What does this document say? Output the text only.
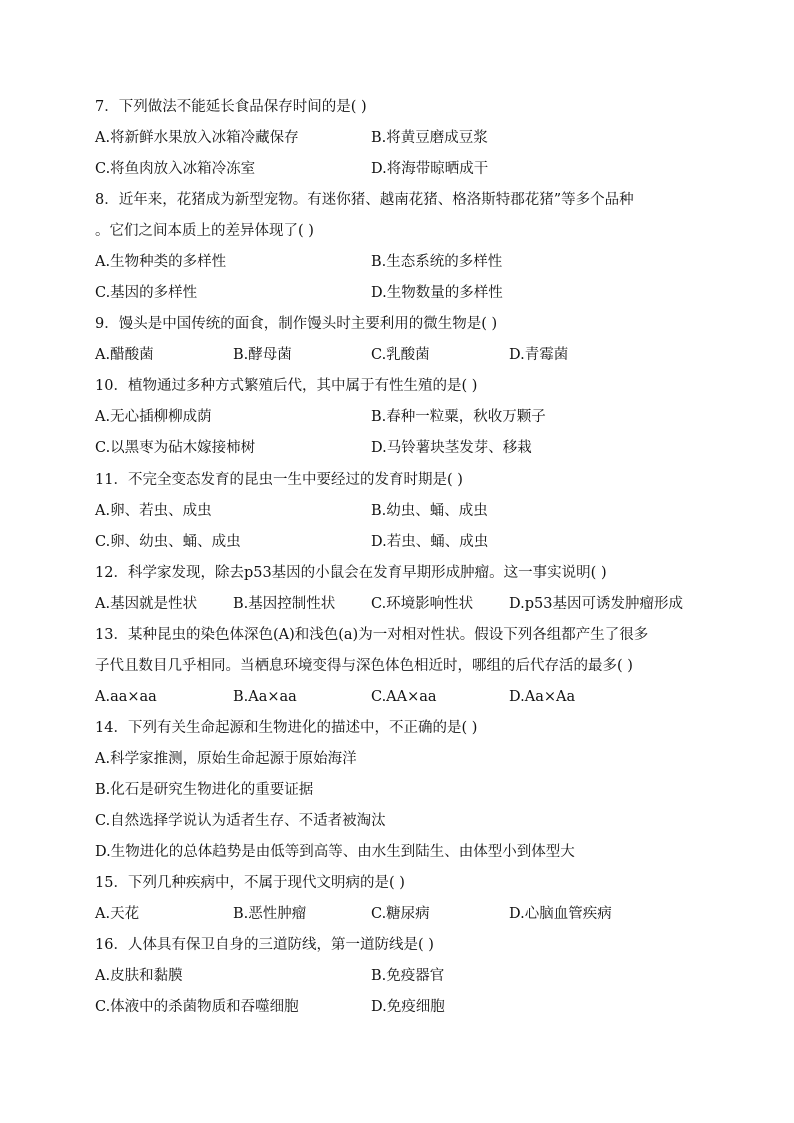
7．下列做法不能延长食品保存时间的是( )
A.将新鲜水果放入冰箱冷藏保存	B.将黄豆磨成豆浆
C.将鱼肉放入冰箱冷冻室	D.将海带晾晒成干
8．近年来，花猪成为新型宠物。有迷你猪、越南花猪、格洛斯特郡花猪”等多个品种
。它们之间本质上的差异体现了( )
A.生物种类的多样性	B.生态系统的多样性
C.基因的多样性	D.生物数量的多样性
9．馒头是中国传统的面食，制作馒头时主要利用的微生物是( )
A.醋酸菌	B.酵母菌	C.乳酸菌	D.青霉菌
10．植物通过多种方式繁殖后代，其中属于有性生殖的是( )
A.无心插柳柳成荫	B.春种一粒粟，秋收万颗子
C.以黑枣为砧木嫁接柿树	D.马铃薯块茎发芽、移栽
11．不完全变态发育的昆虫一生中要经过的发育时期是( )
A.卵、若虫、成虫	B.幼虫、蛹、成虫
C.卵、幼虫、蛹、成虫	D.若虫、蛹、成虫
12．科学家发现，除去p53基因的小鼠会在发育早期形成肿瘤。这一事实说明( )
A.基因就是性状 B.基因控制性状 C.环境影响性状 D.p53基因可诱发肿瘤形成
13．某种昆虫的染色体深色(A)和浅色(a)为一对相对性状。假设下列各组都产生了很多
子代且数目几乎相同。当栖息环境变得与深色体色相近时，哪组的后代存活的最多( )
A.aa×aa	B.Aa×aa	C.AA×aa	D.Aa×Aa
14．下列有关生命起源和生物进化的描述中，不正确的是( )
A.科学家推测，原始生命起源于原始海洋
B.化石是研究生物进化的重要证据
C.自然选择学说认为适者生存、不适者被淘汰
D.生物进化的总体趋势是由低等到高等、由水生到陆生、由体型小到体型大
15．下列几种疾病中，不属于现代文明病的是( )
A.天花	B.恶性肿瘤	C.糖尿病	D.心脑血管疾病
16．人体具有保卫自身的三道防线，第一道防线是( )
A.皮肤和黏膜	B.免疫器官
C.体液中的杀菌物质和吞噬细胞	D.免疫细胞
